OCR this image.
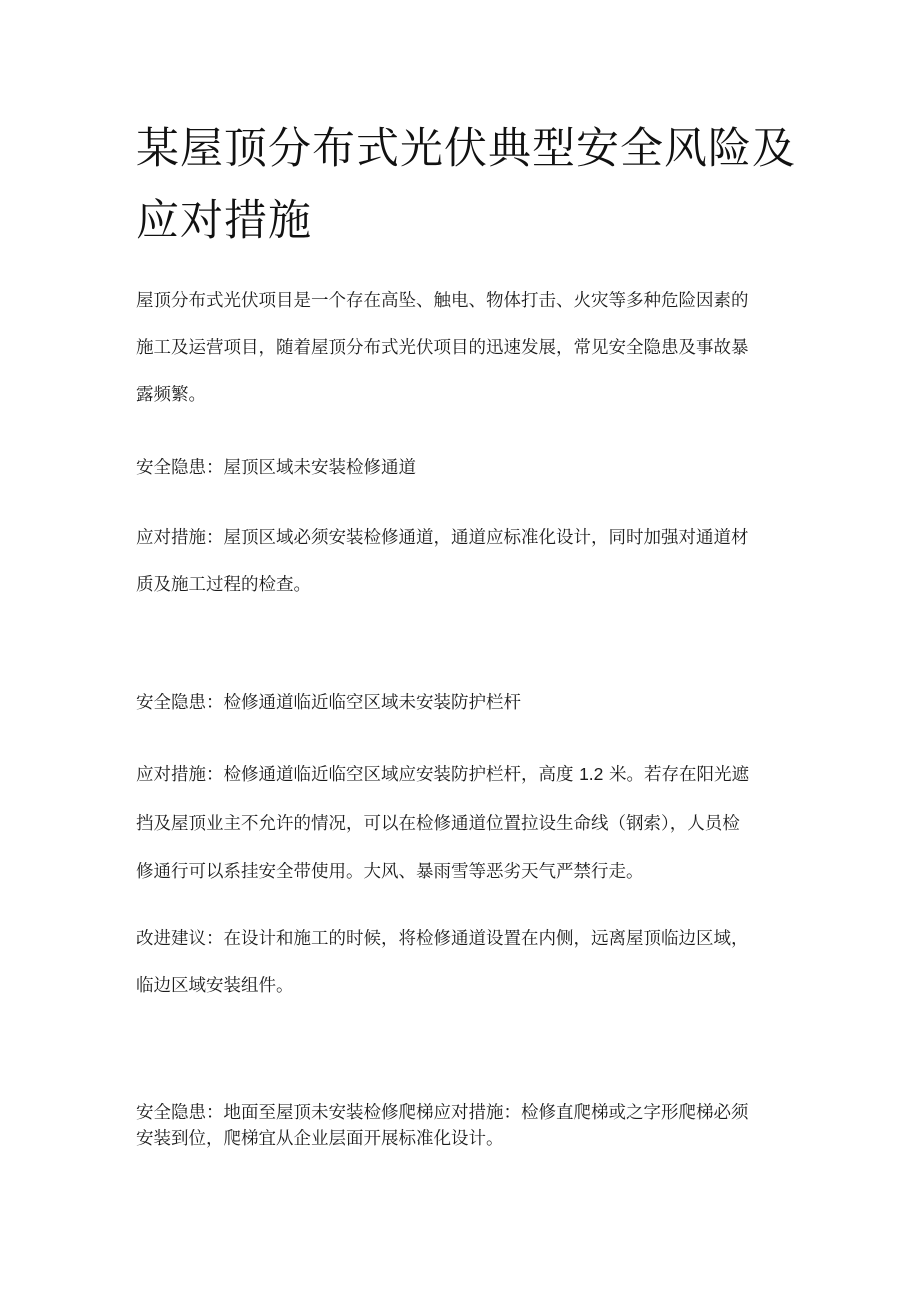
某屋顶分布式光伏典型安全风险及
应对措施
屋顶分布式光伏项目是一个存在高坠、触电、物体打击、火灾等多种危险因素的
施工及运营项目，随着屋顶分布式光伏项目的迅速发展，常见安全隐患及事故暴
露频繁。
安全隐患：屋顶区域未安装检修通道
应对措施：屋顶区域必须安装检修通道，通道应标准化设计，同时加强对通道材
质及施工过程的检查。
安全隐患：检修通道临近临空区域未安装防护栏杆
应对措施：检修通道临近临空区域应安装防护栏杆，高度 1.2 米。若存在阳光遮
挡及屋顶业主不允许的情况，可以在检修通道位置拉设生命线（钢索），人员检
修通行可以系挂安全带使用。大风、暴雨雪等恶劣天气严禁行走。
改进建议：在设计和施工的时候，将检修通道设置在内侧，远离屋顶临边区域，
临边区域安装组件。
安全隐患：地面至屋顶未安装检修爬梯应对措施：检修直爬梯或之字形爬梯必须
安装到位，爬梯宜从企业层面开展标准化设计。
